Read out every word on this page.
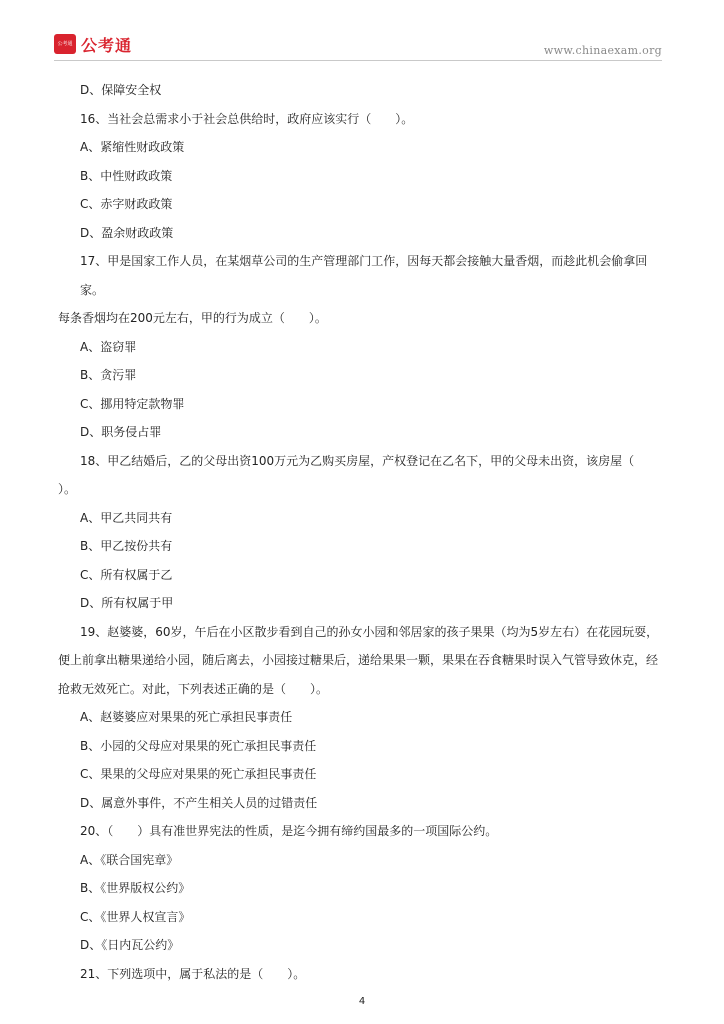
公考通 公考通	www.chinaexam.org

D、保障安全权

16、当社会总需求小于社会总供给时，政府应该实行（　　）。

A、紧缩性财政政策

B、中性财政政策

C、赤字财政政策

D、盈余财政政策

17、甲是国家工作人员，在某烟草公司的生产管理部门工作，因每天都会接触大量香烟，而趁此机会偷拿回家。

每条香烟均在200元左右，甲的行为成立（　　）。

A、盗窃罪

B、贪污罪

C、挪用特定款物罪

D、职务侵占罪

18、甲乙结婚后，乙的父母出资100万元为乙购买房屋，产权登记在乙名下，甲的父母未出资，该房屋（

）。

A、甲乙共同共有

B、甲乙按份共有

C、所有权属于乙

D、所有权属于甲

19、赵婆婆，60岁，午后在小区散步看到自己的孙女小园和邻居家的孩子果果（均为5岁左右）在花园玩耍，

便上前拿出糖果递给小园，随后离去，小园接过糖果后，递给果果一颗，果果在吞食糖果时误入气管导致休克，经

抢救无效死亡。对此，下列表述正确的是（　　）。

A、赵婆婆应对果果的死亡承担民事责任

B、小园的父母应对果果的死亡承担民事责任

C、果果的父母应对果果的死亡承担民事责任

D、属意外事件，不产生相关人员的过错责任

20、（　　）具有准世界宪法的性质，是迄今拥有缔约国最多的一项国际公约。

A、《联合国宪章》

B、《世界版权公约》

C、《世界人权宣言》

D、《日内瓦公约》

21、下列选项中，属于私法的是（　　）。

4
